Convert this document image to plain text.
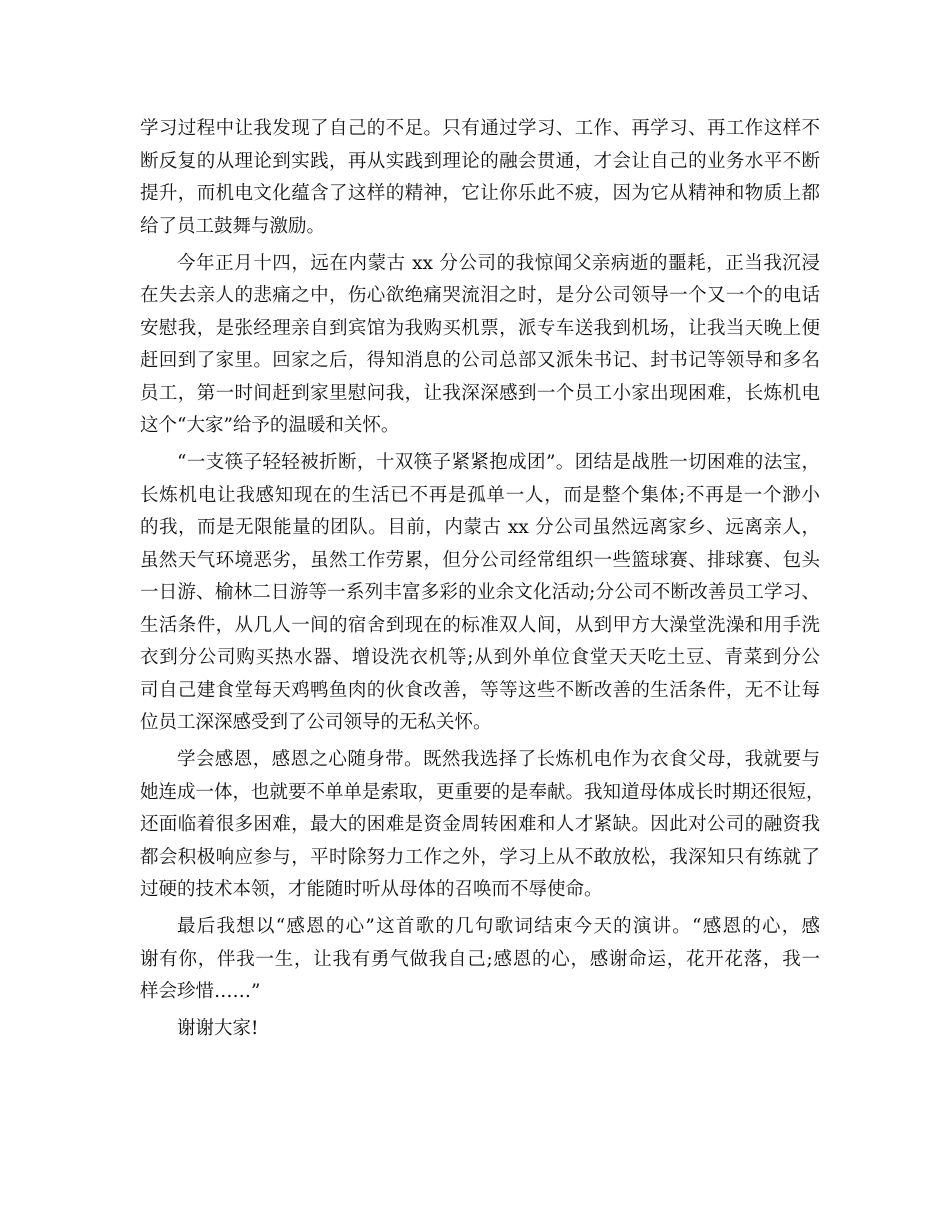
学习过程中让我发现了自己的不足。只有通过学习、工作、再学习、再工作这样不
断反复的从理论到实践，再从实践到理论的融会贯通，才会让自己的业务水平不断
提升，而机电文化蕴含了这样的精神，它让你乐此不疲，因为它从精神和物质上都
给了员工鼓舞与激励。
今年正月十四，远在内蒙古 xx 分公司的我惊闻父亲病逝的噩耗，正当我沉浸
在失去亲人的悲痛之中，伤心欲绝痛哭流泪之时，是分公司领导一个又一个的电话
安慰我，是张经理亲自到宾馆为我购买机票，派专车送我到机场，让我当天晚上便
赶回到了家里。回家之后，得知消息的公司总部又派朱书记、封书记等领导和多名
员工，第一时间赶到家里慰问我，让我深深感到一个员工小家出现困难，长炼机电
这个“大家”给予的温暖和关怀。
“一支筷子轻轻被折断，十双筷子紧紧抱成团”。团结是战胜一切困难的法宝，
长炼机电让我感知现在的生活已不再是孤单一人，而是整个集体;不再是一个渺小
的我，而是无限能量的团队。目前，内蒙古 xx 分公司虽然远离家乡、远离亲人，
虽然天气环境恶劣，虽然工作劳累，但分公司经常组织一些篮球赛、排球赛、包头
一日游、榆林二日游等一系列丰富多彩的业余文化活动;分公司不断改善员工学习、
生活条件，从几人一间的宿舍到现在的标准双人间，从到甲方大澡堂洗澡和用手洗
衣到分公司购买热水器、增设洗衣机等;从到外单位食堂天天吃土豆、青菜到分公
司自己建食堂每天鸡鸭鱼肉的伙食改善，等等这些不断改善的生活条件，无不让每
位员工深深感受到了公司领导的无私关怀。
学会感恩，感恩之心随身带。既然我选择了长炼机电作为衣食父母，我就要与
她连成一体，也就要不单单是索取，更重要的是奉献。我知道母体成长时期还很短，
还面临着很多困难，最大的困难是资金周转困难和人才紧缺。因此对公司的融资我
都会积极响应参与，平时除努力工作之外，学习上从不敢放松，我深知只有练就了
过硬的技术本领，才能随时听从母体的召唤而不辱使命。
最后我想以“感恩的心”这首歌的几句歌词结束今天的演讲。“感恩的心，感
谢有你，伴我一生，让我有勇气做我自己;感恩的心，感谢命运，花开花落，我一
样会珍惜……”
谢谢大家!
